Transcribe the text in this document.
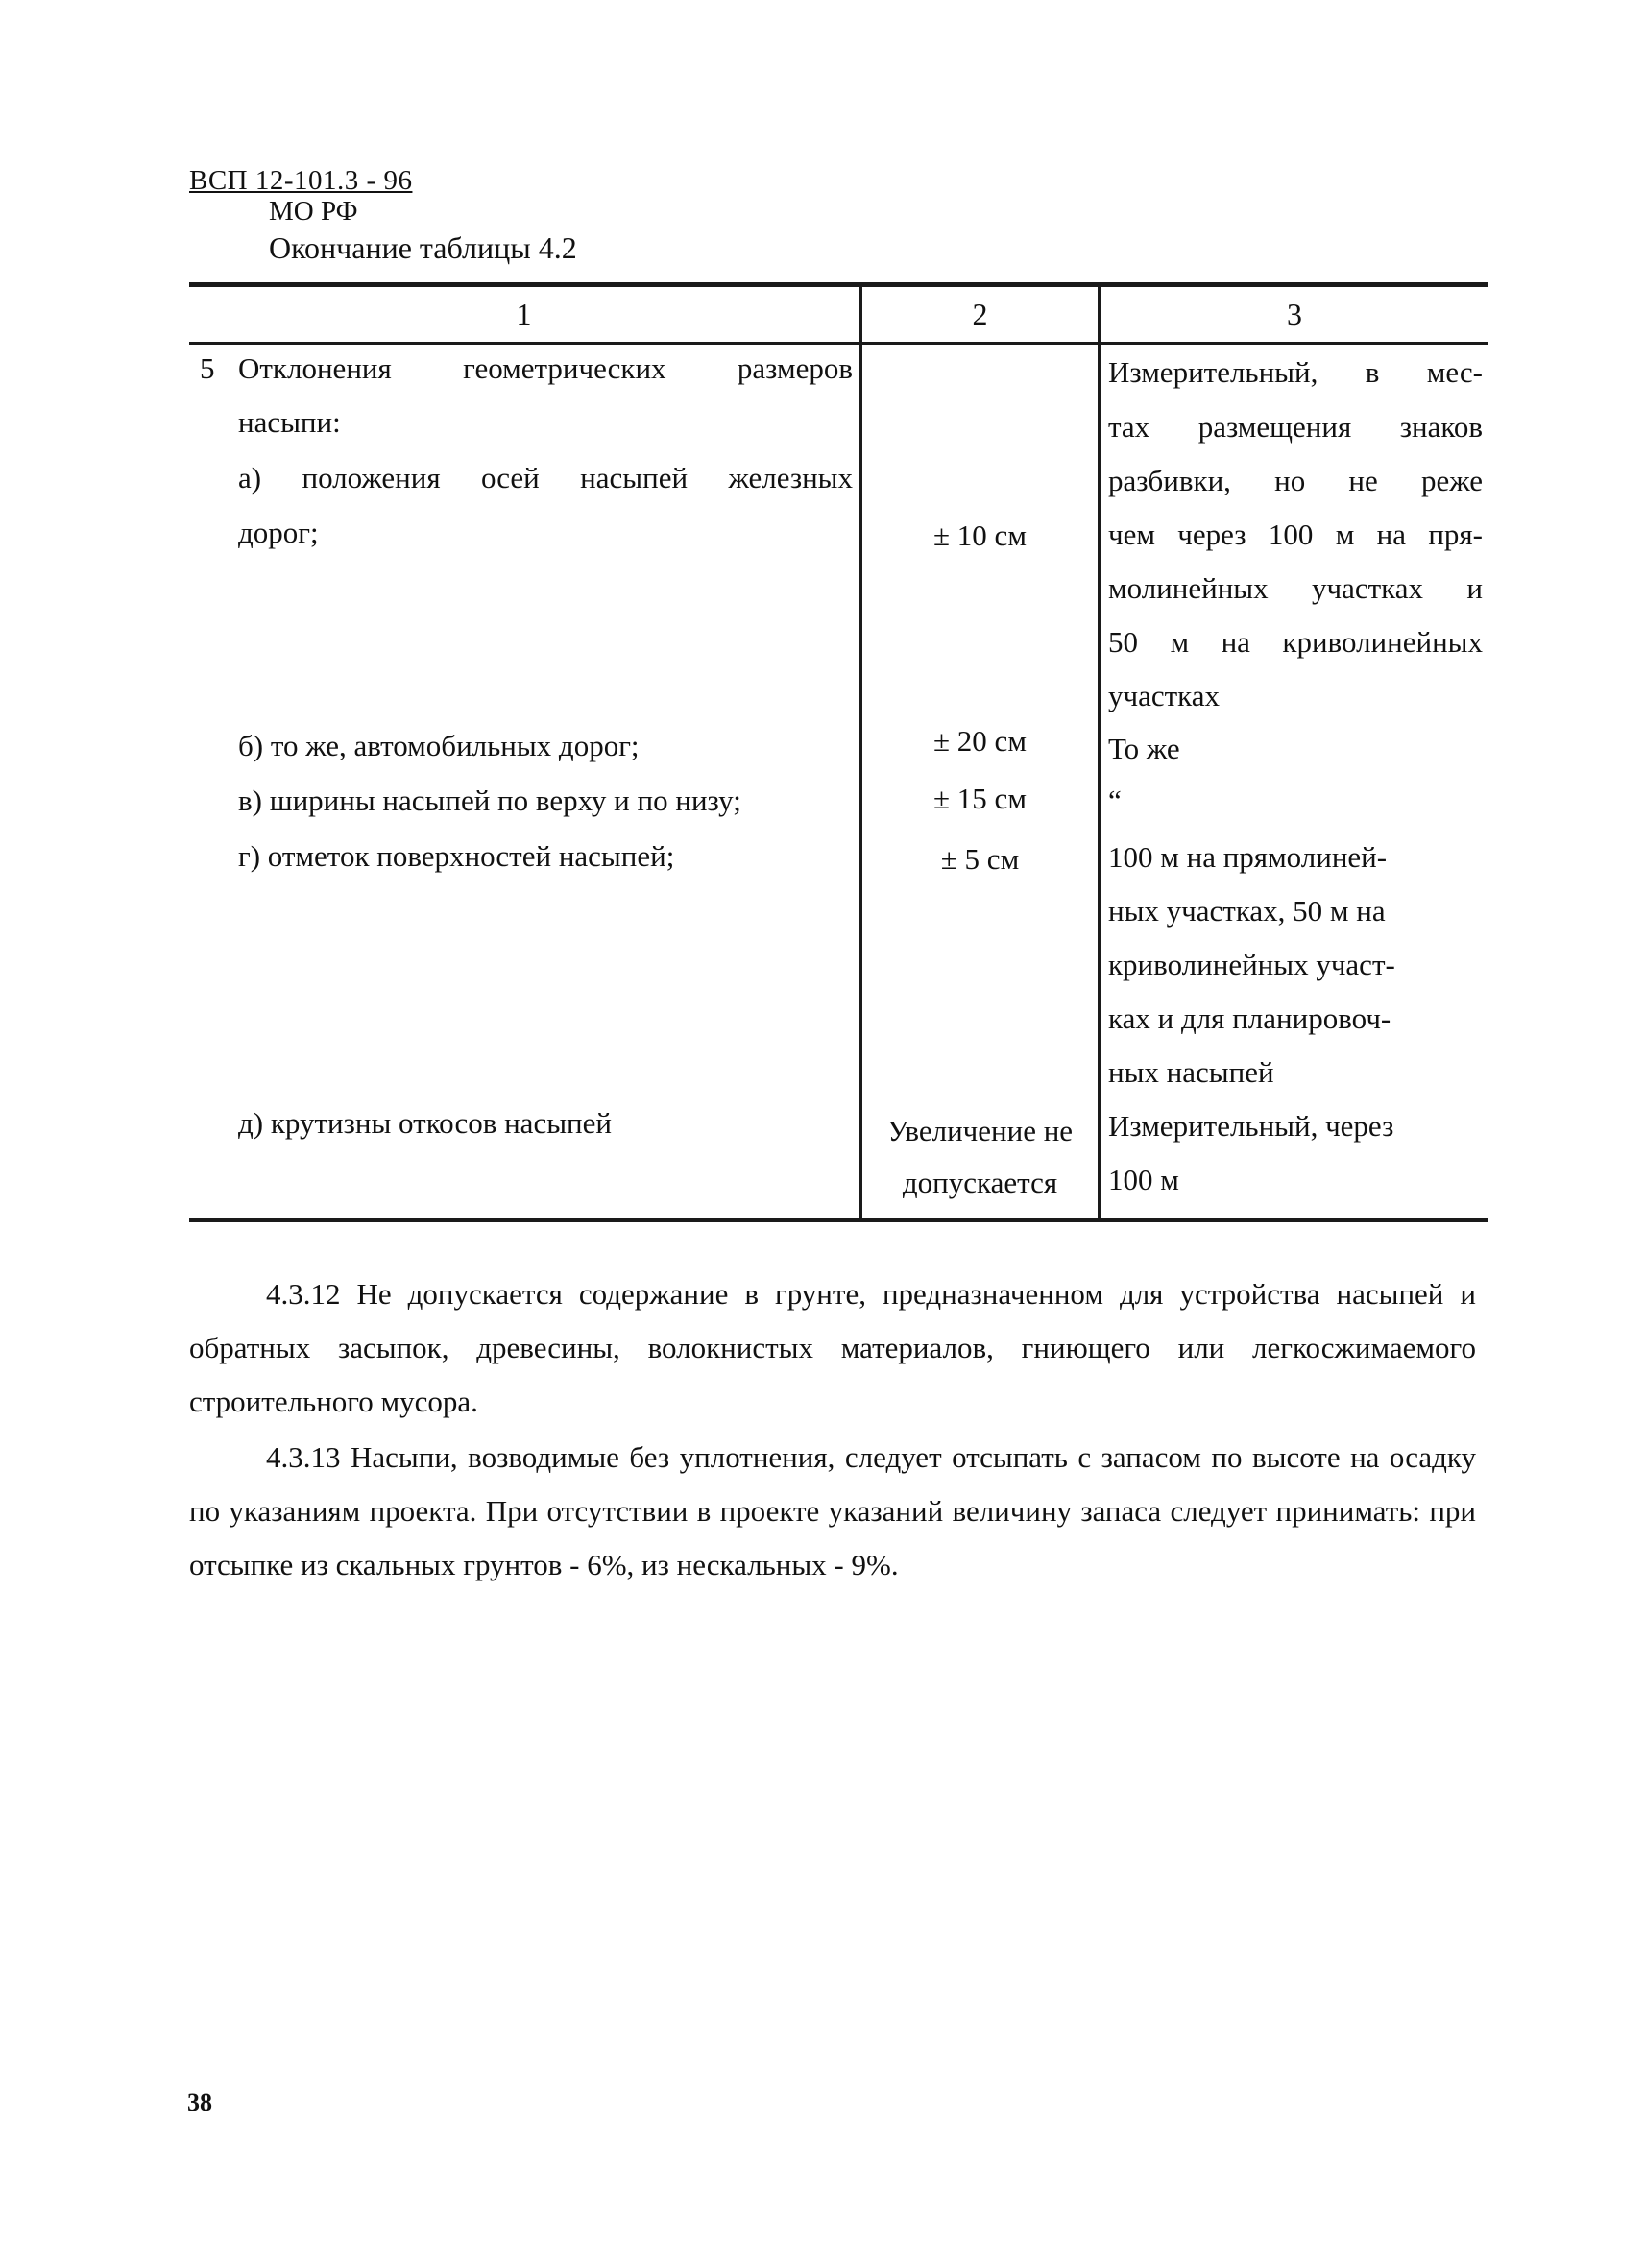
ВСП 12-101.3 - 96
МО РФ
Окончание таблицы 4.2
1	2	3
5 Отклонения геометрических размеров
насыпи:
а) положения осей насыпей железных
дорог;
б) то же, автомобильных дорог;
в) ширины насыпей по верху и по низу;
г) отметок поверхностей насыпей;
д) крутизны откосов насыпей
± 10 см
± 20 см
± 15 см
± 5 см
Увеличение не
допускается
Измерительный, в мес-
тах размещения знаков
разбивки, но не реже
чем через 100 м на пря-
молинейных участках и
50 м на криволинейных
участках
То же
“
100 м на прямолиней-
ных участках, 50 м на
криволинейных участ-
ках и для планировоч-
ных насыпей
Измерительный, через
100 м
4.3.12 Не допускается содержание в грунте, предназначенном для устройства насыпей и обратных засыпок, древесины, волокнистых материалов, гниющего или легкосжимаемого строительного мусора.
4.3.13 Насыпи, возводимые без уплотнения, следует отсыпать с запасом по высоте на осадку по указаниям проекта. При отсутствии в проекте указаний величину запаса следует принимать: при отсыпке из скальных грунтов - 6%, из нескальных - 9%.
38
